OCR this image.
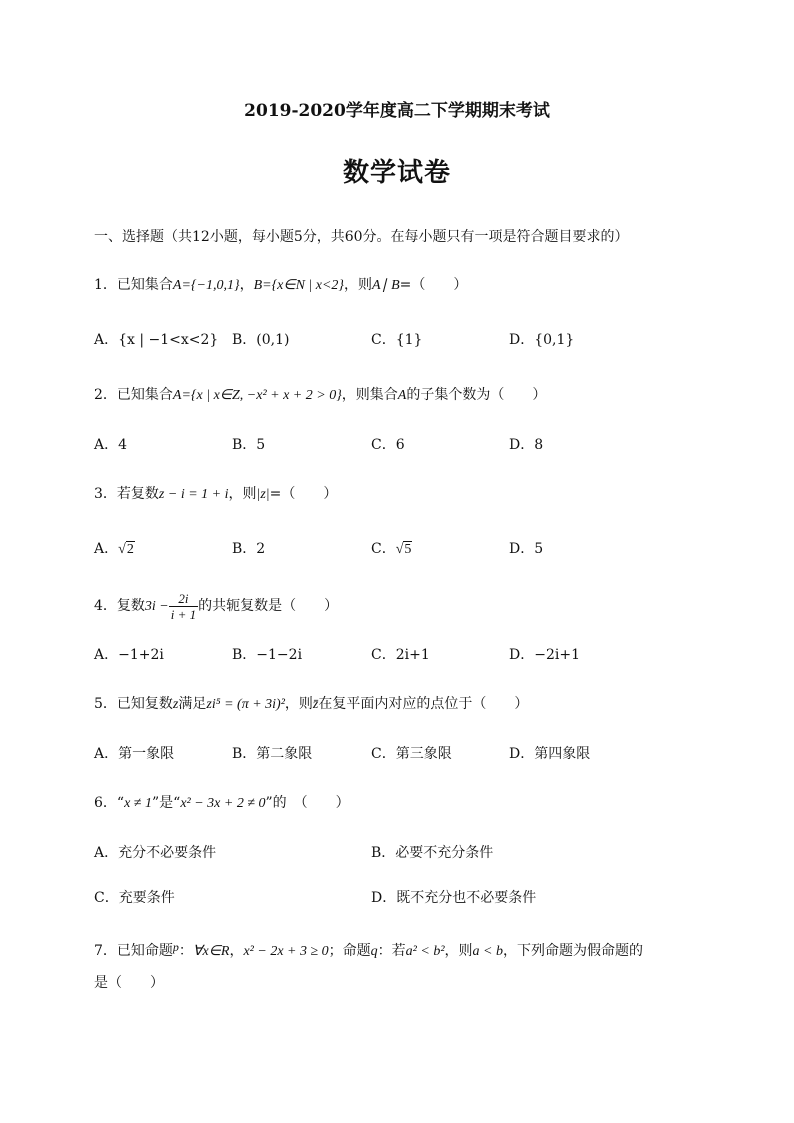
2019-2020学年度高二下学期期末考试
数学试卷
一、选择题（共12小题，每小题5分，共60分。在每小题只有一项是符合题目要求的）
1．已知集合A={−1,0,1}，B={x∈N | x<2}，则A∣ B=（　　）
A．{x | −1<x<2} B．(0,1)	C．{1}	D．{0,1}
2．已知集合A={x | x∈Z, −x² + x + 2 > 0}，则集合A的子集个数为（　　）
A．4	B．5	C．6	D．8
3．若复数z − i = 1 + i，则|z|=（　　）
A．√2	B．2	C．√5	D．5
4．复数$3i - \frac{2i}{i + 1}$ 的共轭复数是（　　）
A．−1+2i	B．−1−2i	C．2i+1	D．−2i+1
5．已知复数z满足zi⁵ = (π + 3i)²，则z̄在复平面内对应的点位于（　　）
A．第一象限	B．第二象限	C．第三象限	D．第四象限
6．“x ≠ 1”是“x² − 3x + 2 ≠ 0”的　（　　）
A．充分不必要条件	B．必要不充分条件
C．充要条件	D．既不充分也不必要条件
7．已知命题p：∀x∈R，x² − 2x + 3 ≥ 0；命题q：若a² < b²，则a < b，下列命题为假命题的
是（　　）
